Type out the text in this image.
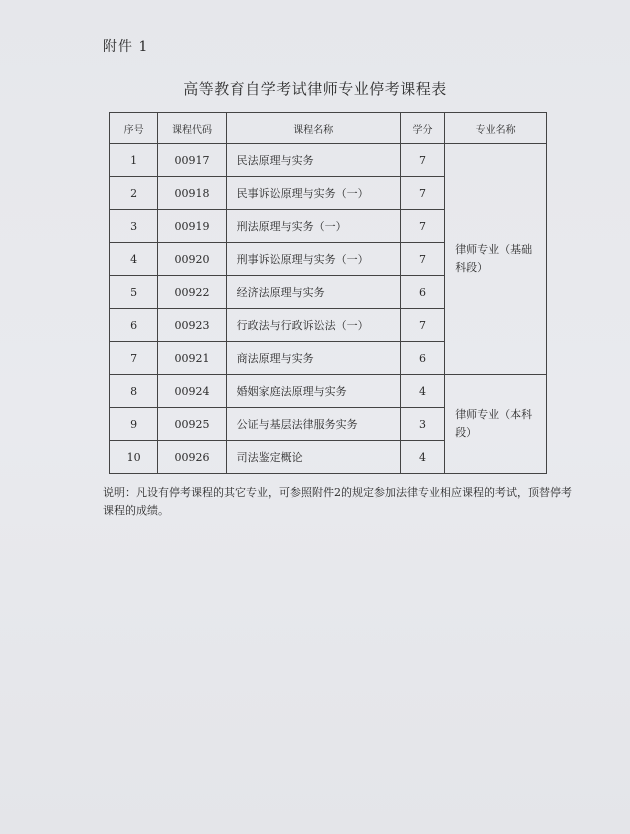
附件 1
高等教育自学考试律师专业停考课程表
序号	课程代码	课程名称	学分	专业名称
1	00917	民法原理与实务	7	律师专业（基础科段）
2	00918	民事诉讼原理与实务（一）	7	
3	00919	刑法原理与实务（一）	7	
4	00920	刑事诉讼原理与实务（一）	7	
5	00922	经济法原理与实务	6	
6	00923	行政法与行政诉讼法（一）	7	
7	00921	商法原理与实务	6	
8	00924	婚姻家庭法原理与实务	4	律师专业（本科段）
9	00925	公证与基层法律服务实务	3	
10	00926	司法鉴定概论	4	
说明：凡设有停考课程的其它专业，可参照附件2的规定参加法律专业相应课程的考试，顶替停考课程的成绩。
